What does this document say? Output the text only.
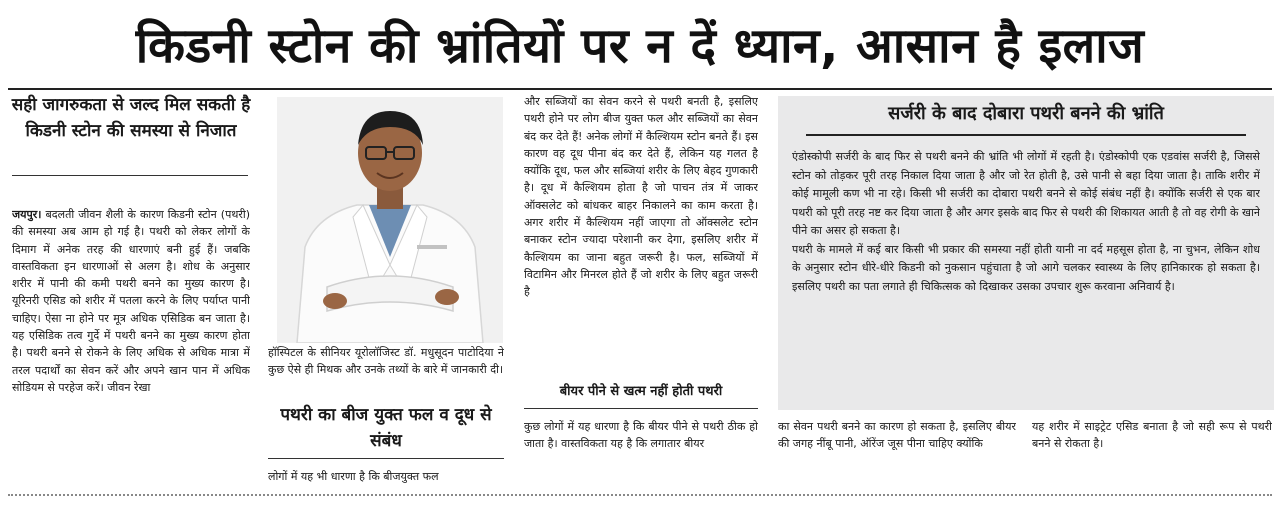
किडनी स्टोन की भ्रांतियों पर न दें ध्यान, आसान है इलाज
सही जागरुकता से जल्द मिल सकती है किडनी स्टोन की समस्या से निजात
जयपुर। बदलती जीवन शैली के कारण किडनी स्टोन (पथरी) की समस्या अब आम हो गई है। पथरी को लेकर लोगों के दिमाग में अनेक तरह की धारणाएं बनी हुई हैं। जबकि वास्तविकता इन धारणाओं से अलग है। शोध के अनुसार शरीर में पानी की कमी पथरी बनने का मुख्य कारण है। यूरिनरी एसिड को शरीर में पतला करने के लिए पर्याप्त पानी चाहिए। ऐसा ना होने पर मूत्र अधिक एसिडिक बन जाता है। यह एसिडिक तत्व गुर्दे में पथरी बनने का मुख्य कारण होता है। पथरी बनने से रोकने के लिए अधिक से अधिक मात्रा में तरल पदार्थों का सेवन करें और अपने खान पान में अधिक सोडियम से परहेज करें। जीवन रेखा
हॉस्पिटल के सीनियर यूरोलॉजिस्ट डॉ. मधुसूदन पाटोदिया ने कुछ ऐसे ही मिथक और उनके तथ्यों के बारे में जानकारी दी।
पथरी का बीज युक्त फल व दूध से संबंध
लोगों में यह भी धारणा है कि बीजयुक्त फल
और सब्जियों का सेवन करने से पथरी बनती है, इसलिए पथरी होने पर लोग बीज युक्त फल और सब्जियों का सेवन बंद कर देते हैं! अनेक लोगों में कैल्शियम स्टोन बनते हैं। इस कारण वह दूध पीना बंद कर देते हैं, लेकिन यह गलत है क्योंकि दूध, फल और सब्जियां शरीर के लिए बेहद गुणकारी है। दूध में कैल्शियम होता है जो पाचन तंत्र में जाकर ऑक्सलेट को बांधकर बाहर निकालने का काम करता है। अगर शरीर में कैल्शियम नहीं जाएगा तो ऑक्सलेट स्टोन बनाकर स्टोन ज्यादा परेशानी कर देगा, इसलिए शरीर में कैल्शियम का जाना बहुत जरूरी है। फल, सब्जियों में विटामिन और मिनरल होते हैं जो शरीर के लिए बहुत जरूरी है
बीयर पीने से खत्म नहीं होती पथरी
कुछ लोगों में यह धारणा है कि बीयर पीने से पथरी ठीक हो जाता है। वास्तविकता यह है कि लगातार बीयर
सर्जरी के बाद दोबारा पथरी बनने की भ्रांति
एंडोस्कोपी सर्जरी के बाद फिर से पथरी बनने की भ्रांति भी लोगों में रहती है। एंडोस्कोपी एक एडवांस सर्जरी है, जिससे स्टोन को तोड़कर पूरी तरह निकाल दिया जाता है और जो रेत होती है, उसे पानी से बहा दिया जाता है। ताकि शरीर में कोई मामूली कण भी ना रहे। किसी भी सर्जरी का दोबारा पथरी बनने से कोई संबंध नहीं है। क्योंकि सर्जरी से एक बार पथरी को पूरी तरह नष्ट कर दिया जाता है और अगर इसके बाद फिर से पथरी की शिकायत आती है तो वह रोगी के खाने पीने का असर हो सकता है।
पथरी के मामले में कई बार किसी भी प्रकार की समस्या नहीं होती यानी ना दर्द महसूस होता है, ना चुभन, लेकिन शोध के अनुसार स्टोन धीरे-धीरे किडनी को नुकसान पहुंचाता है जो आगे चलकर स्वास्थ्य के लिए हानिकारक हो सकता है। इसलिए पथरी का पता लगाते ही चिकित्सक को दिखाकर उसका उपचार शुरू करवाना अनिवार्य है।
का सेवन पथरी बनने का कारण हो सकता है, इसलिए बीयर की जगह नींबू पानी, ऑरेंज जूस पीना चाहिए क्योंकि
यह शरीर में साइट्रेट एसिड बनाता है जो सही रूप से पथरी बनने से रोकता है।
